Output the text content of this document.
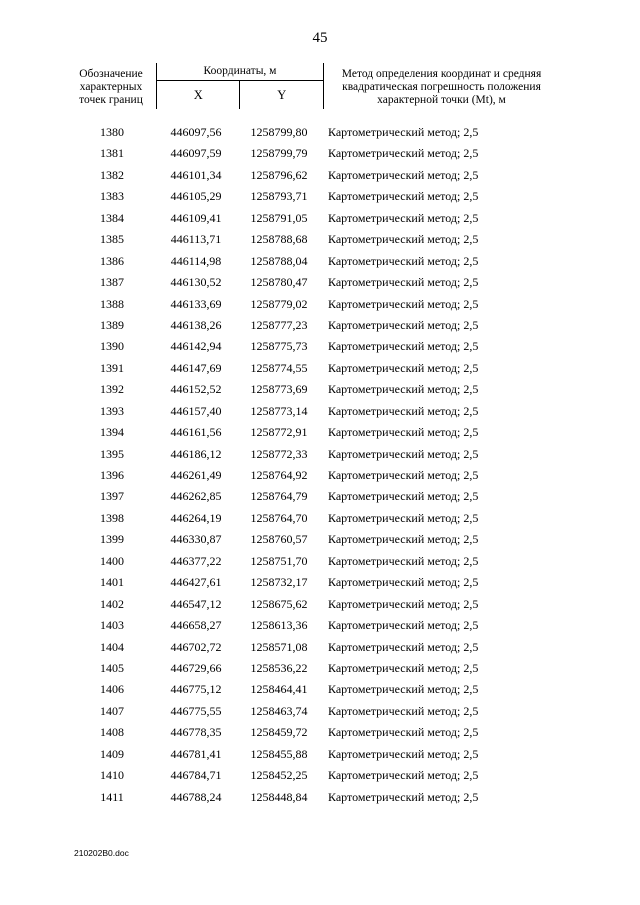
45
Обозначение характерных точек границ	Координаты, м		Метод определения координат и средняя квадратическая погрешность положения характерной точки (Mt), м
	X	Y	
1380	446097,56	1258799,80	Картометрический метод; 2,5
1381	446097,59	1258799,79	Картометрический метод; 2,5
1382	446101,34	1258796,62	Картометрический метод; 2,5
1383	446105,29	1258793,71	Картометрический метод; 2,5
1384	446109,41	1258791,05	Картометрический метод; 2,5
1385	446113,71	1258788,68	Картометрический метод; 2,5
1386	446114,98	1258788,04	Картометрический метод; 2,5
1387	446130,52	1258780,47	Картометрический метод; 2,5
1388	446133,69	1258779,02	Картометрический метод; 2,5
1389	446138,26	1258777,23	Картометрический метод; 2,5
1390	446142,94	1258775,73	Картометрический метод; 2,5
1391	446147,69	1258774,55	Картометрический метод; 2,5
1392	446152,52	1258773,69	Картометрический метод; 2,5
1393	446157,40	1258773,14	Картометрический метод; 2,5
1394	446161,56	1258772,91	Картометрический метод; 2,5
1395	446186,12	1258772,33	Картометрический метод; 2,5
1396	446261,49	1258764,92	Картометрический метод; 2,5
1397	446262,85	1258764,79	Картометрический метод; 2,5
1398	446264,19	1258764,70	Картометрический метод; 2,5
1399	446330,87	1258760,57	Картометрический метод; 2,5
1400	446377,22	1258751,70	Картометрический метод; 2,5
1401	446427,61	1258732,17	Картометрический метод; 2,5
1402	446547,12	1258675,62	Картометрический метод; 2,5
1403	446658,27	1258613,36	Картометрический метод; 2,5
1404	446702,72	1258571,08	Картометрический метод; 2,5
1405	446729,66	1258536,22	Картометрический метод; 2,5
1406	446775,12	1258464,41	Картометрический метод; 2,5
1407	446775,55	1258463,74	Картометрический метод; 2,5
1408	446778,35	1258459,72	Картометрический метод; 2,5
1409	446781,41	1258455,88	Картометрический метод; 2,5
1410	446784,71	1258452,25	Картометрический метод; 2,5
1411	446788,24	1258448,84	Картометрический метод; 2,5
210202В0.doc
